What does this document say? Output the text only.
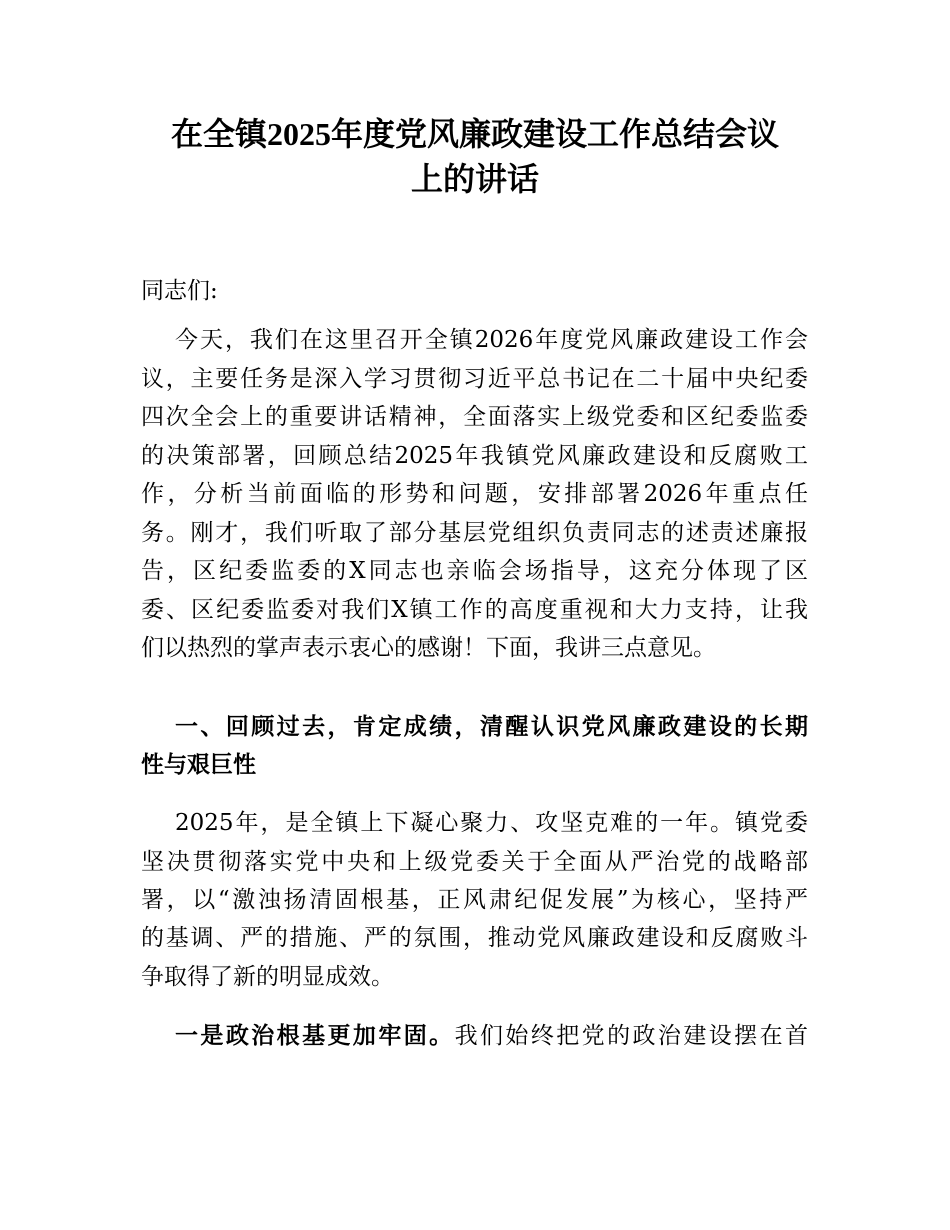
在全镇2025年度党风廉政建设工作总结会议
上的讲话
同志们:
今天，我们在这里召开全镇2026年度党风廉政建设工作会
议，主要任务是深入学习贯彻习近平总书记在二十届中央纪委
四次全会上的重要讲话精神，全面落实上级党委和区纪委监委
的决策部署，回顾总结2025年我镇党风廉政建设和反腐败工
作，分析当前面临的形势和问题，安排部署2026年重点任
务。刚才，我们听取了部分基层党组织负责同志的述责述廉报
告，区纪委监委的X同志也亲临会场指导，这充分体现了区
委、区纪委监委对我们X镇工作的高度重视和大力支持，让我
们以热烈的掌声表示衷心的感谢！下面，我讲三点意见。
一、回顾过去，肯定成绩，清醒认识党风廉政建设的长期
性与艰巨性
2025年，是全镇上下凝心聚力、攻坚克难的一年。镇党委
坚决贯彻落实党中央和上级党委关于全面从严治党的战略部
署，以“激浊扬清固根基，正风肃纪促发展”为核心，坚持严
的基调、严的措施、严的氛围，推动党风廉政建设和反腐败斗
争取得了新的明显成效。
一是政治根基更加牢固。我们始终把党的政治建设摆在首
